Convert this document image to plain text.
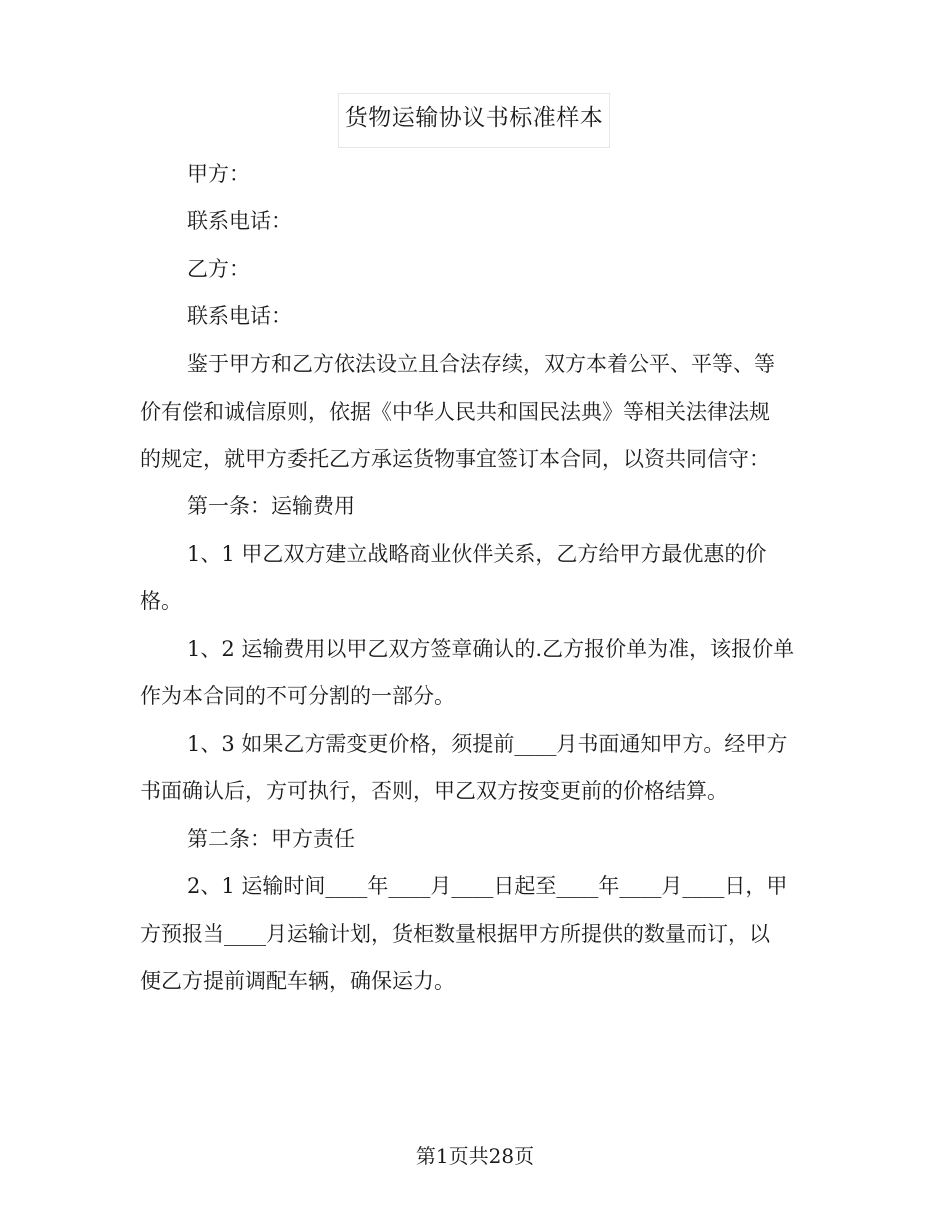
货物运输协议书标准样本
甲方：
联系电话：
乙方：
联系电话：
鉴于甲方和乙方依法设立且合法存续，双方本着公平、平等、等
价有偿和诚信原则，依据《中华人民共和国民法典》等相关法律法规
的规定，就甲方委托乙方承运货物事宜签订本合同，以资共同信守：
第一条：运输费用
1、1 甲乙双方建立战略商业伙伴关系，乙方给甲方最优惠的价
格。
1、2 运输费用以甲乙双方签章确认的.乙方报价单为准，该报价单
作为本合同的不可分割的一部分。
1、3 如果乙方需变更价格，须提前____月书面通知甲方。经甲方
书面确认后，方可执行，否则，甲乙双方按变更前的价格结算。
第二条：甲方责任
2、1 运输时间____年____月____日起至____年____月____日，甲
方预报当____月运输计划，货柜数量根据甲方所提供的数量而订，以
便乙方提前调配车辆，确保运力。
第1页共28页
